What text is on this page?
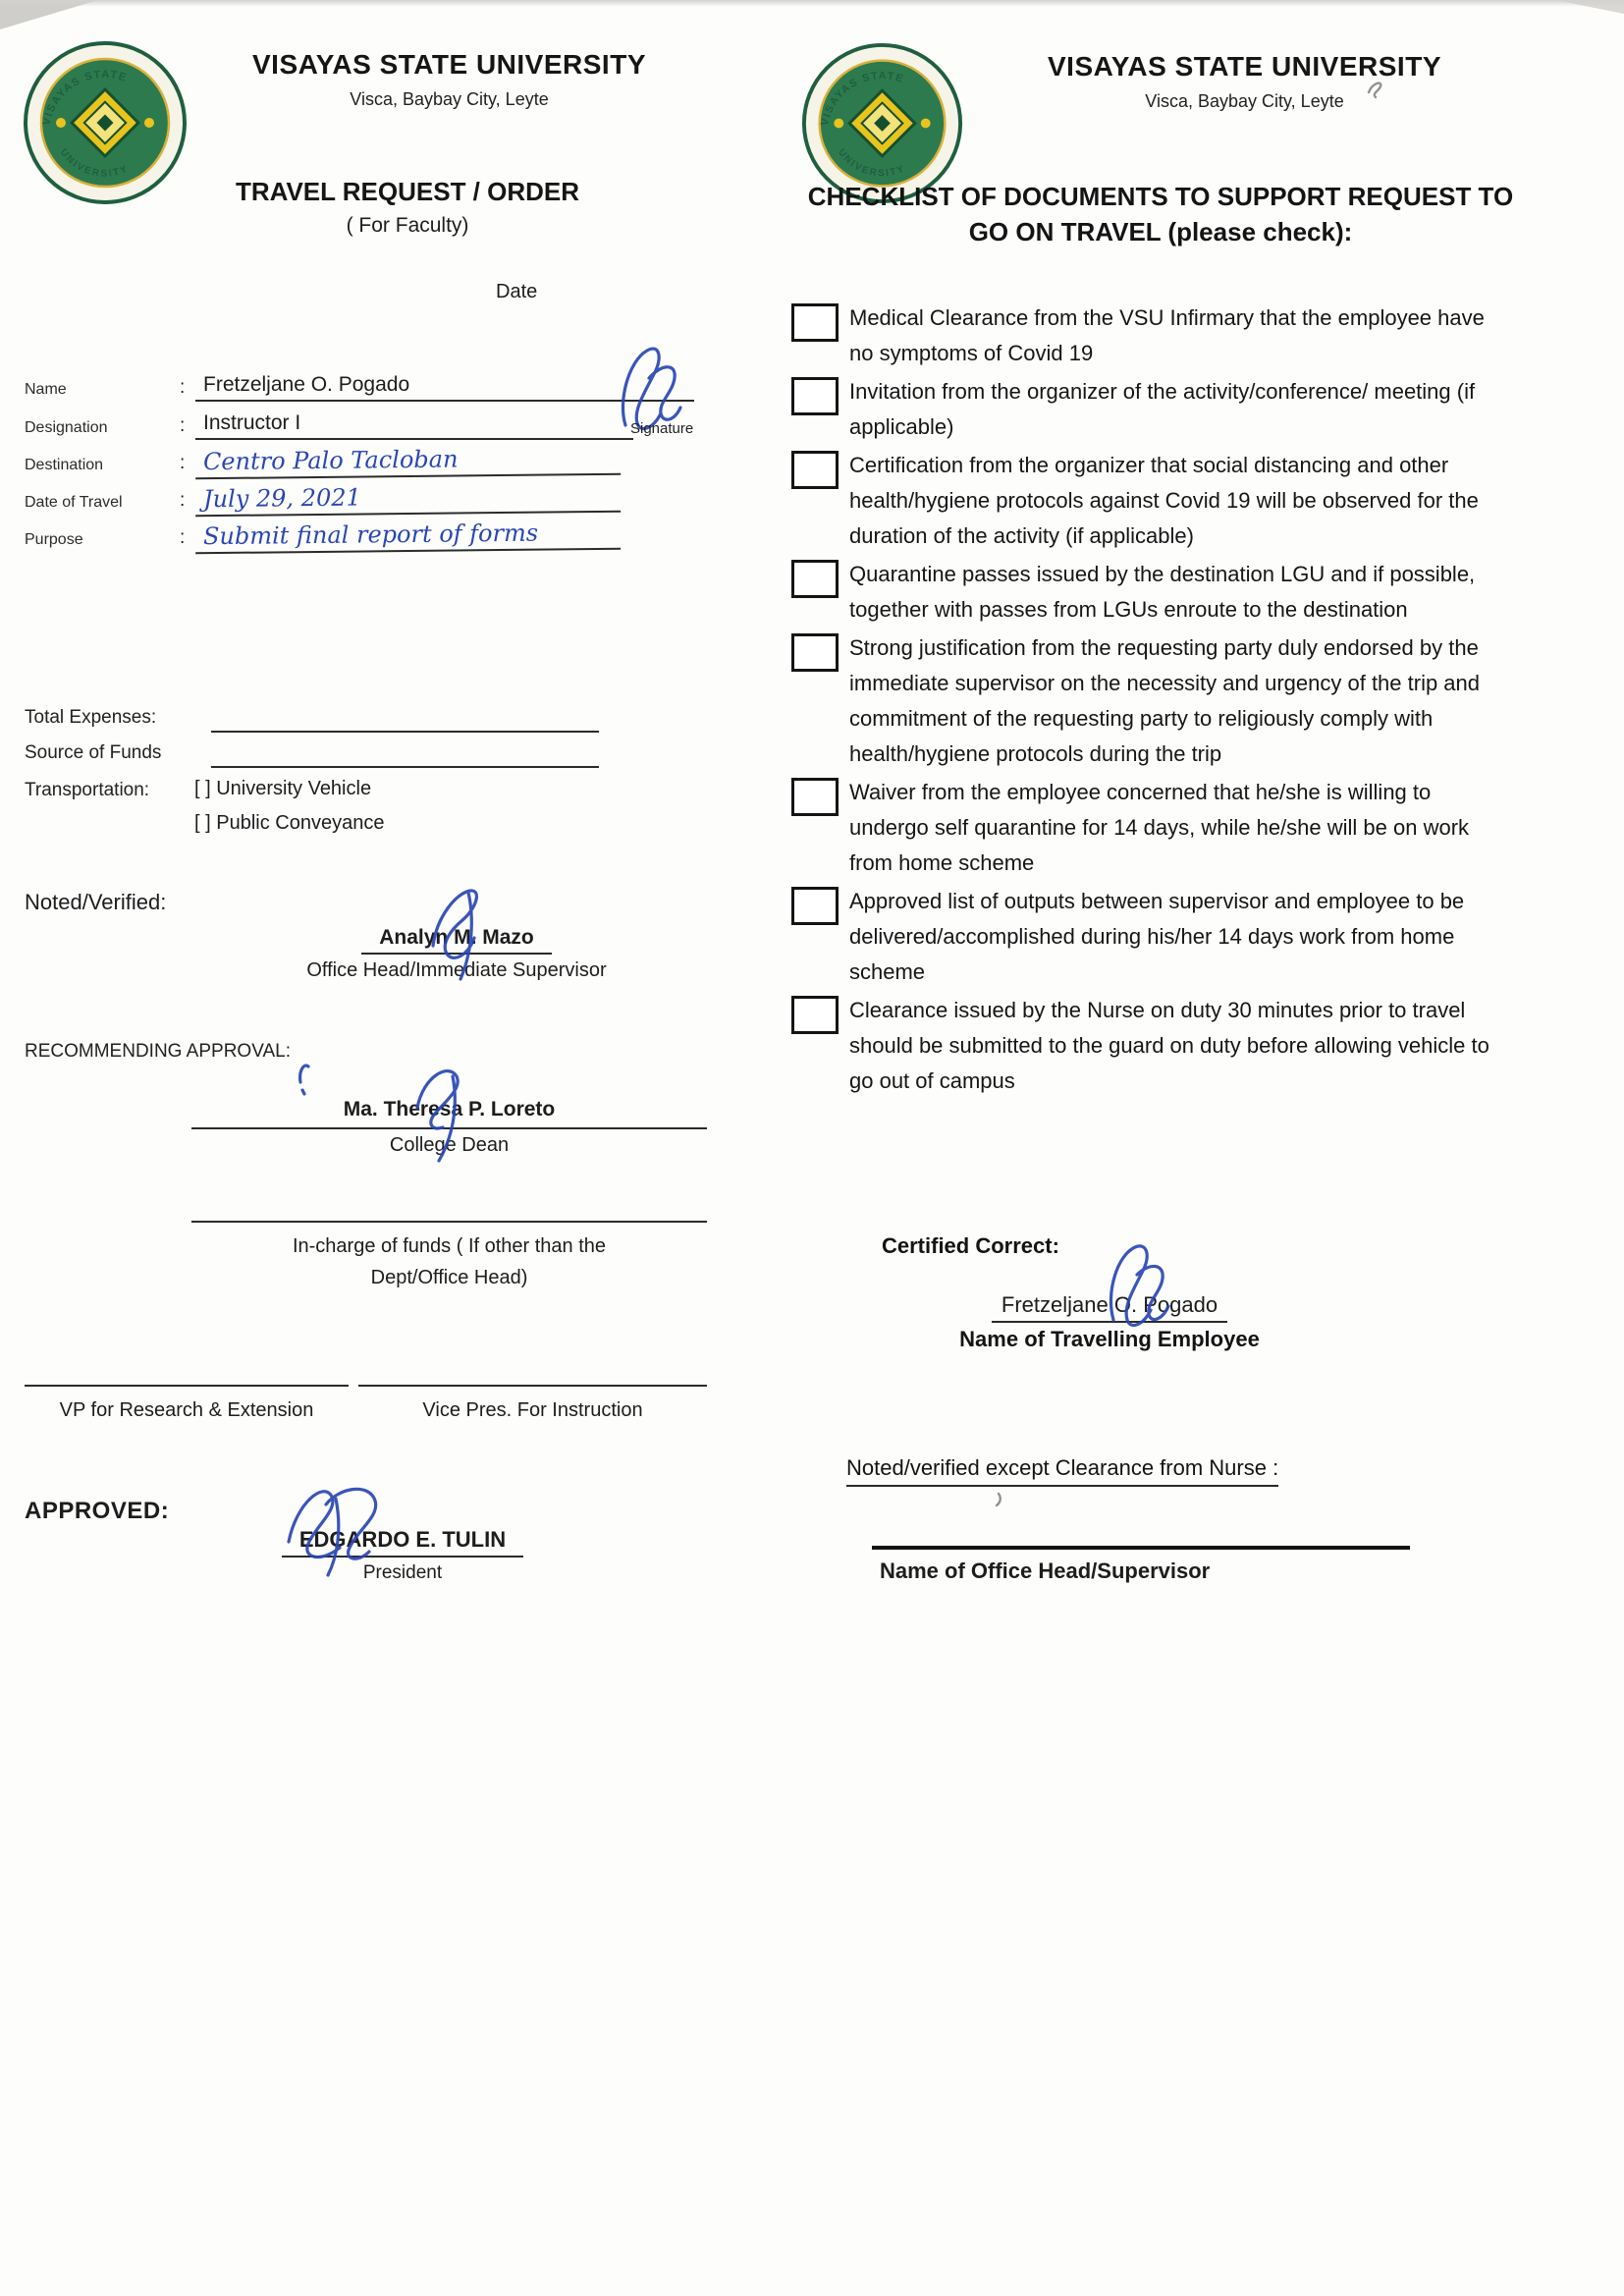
VISAYAS STATE UNIVERSITY
Visca, Baybay City, Leyte
TRAVEL REQUEST / ORDER
( For Faculty)
Date
Name	: Fretzeljane O. Pogado
Designation	: Instructor I
Destination	: Centro Palo Tacloban
Date of Travel	: July 29, 2021
Purpose	: Submit final report of forms
Signature
Total Expenses:
Source of Funds
Transportation: [ ] University Vehicle
[ ] Public Conveyance
Noted/Verified:
Analyn M. Mazo
Office Head/Immediate Supervisor
RECOMMENDING APPROVAL:
Ma. Theresa P. Loreto
College Dean
In-charge of funds ( If other than the
Dept/Office Head)
VP for Research & Extension	Vice Pres. For Instruction
APPROVED:
EDGARDO E. TULIN
President
VISAYAS STATE UNIVERSITY
Visca, Baybay City, Leyte
CHECKLIST OF DOCUMENTS TO SUPPORT REQUEST TO GO ON TRAVEL (please check):
Medical Clearance from the VSU Infirmary that the employee have no symptoms of Covid 19
Invitation from the organizer of the activity/conference/ meeting (if applicable)
Certification from the organizer that social distancing and other health/hygiene protocols against Covid 19 will be observed for the duration of the activity (if applicable)
Quarantine passes issued by the destination LGU and if possible, together with passes from LGUs enroute to the destination
Strong justification from the requesting party duly endorsed by the immediate supervisor on the necessity and urgency of the trip and commitment of the requesting party to religiously comply with health/hygiene protocols during the trip
Waiver from the employee concerned that he/she is willing to undergo self quarantine for 14 days, while he/she will be on work from home scheme
Approved list of outputs between supervisor and employee to be delivered/accomplished during his/her 14 days work from home scheme
Clearance issued by the Nurse on duty 30 minutes prior to travel should be submitted to the guard on duty before allowing vehicle to go out of campus
Certified Correct:
Fretzeljane O. Pogado
Name of Travelling Employee
Noted/verified except Clearance from Nurse :
Name of Office Head/Supervisor
